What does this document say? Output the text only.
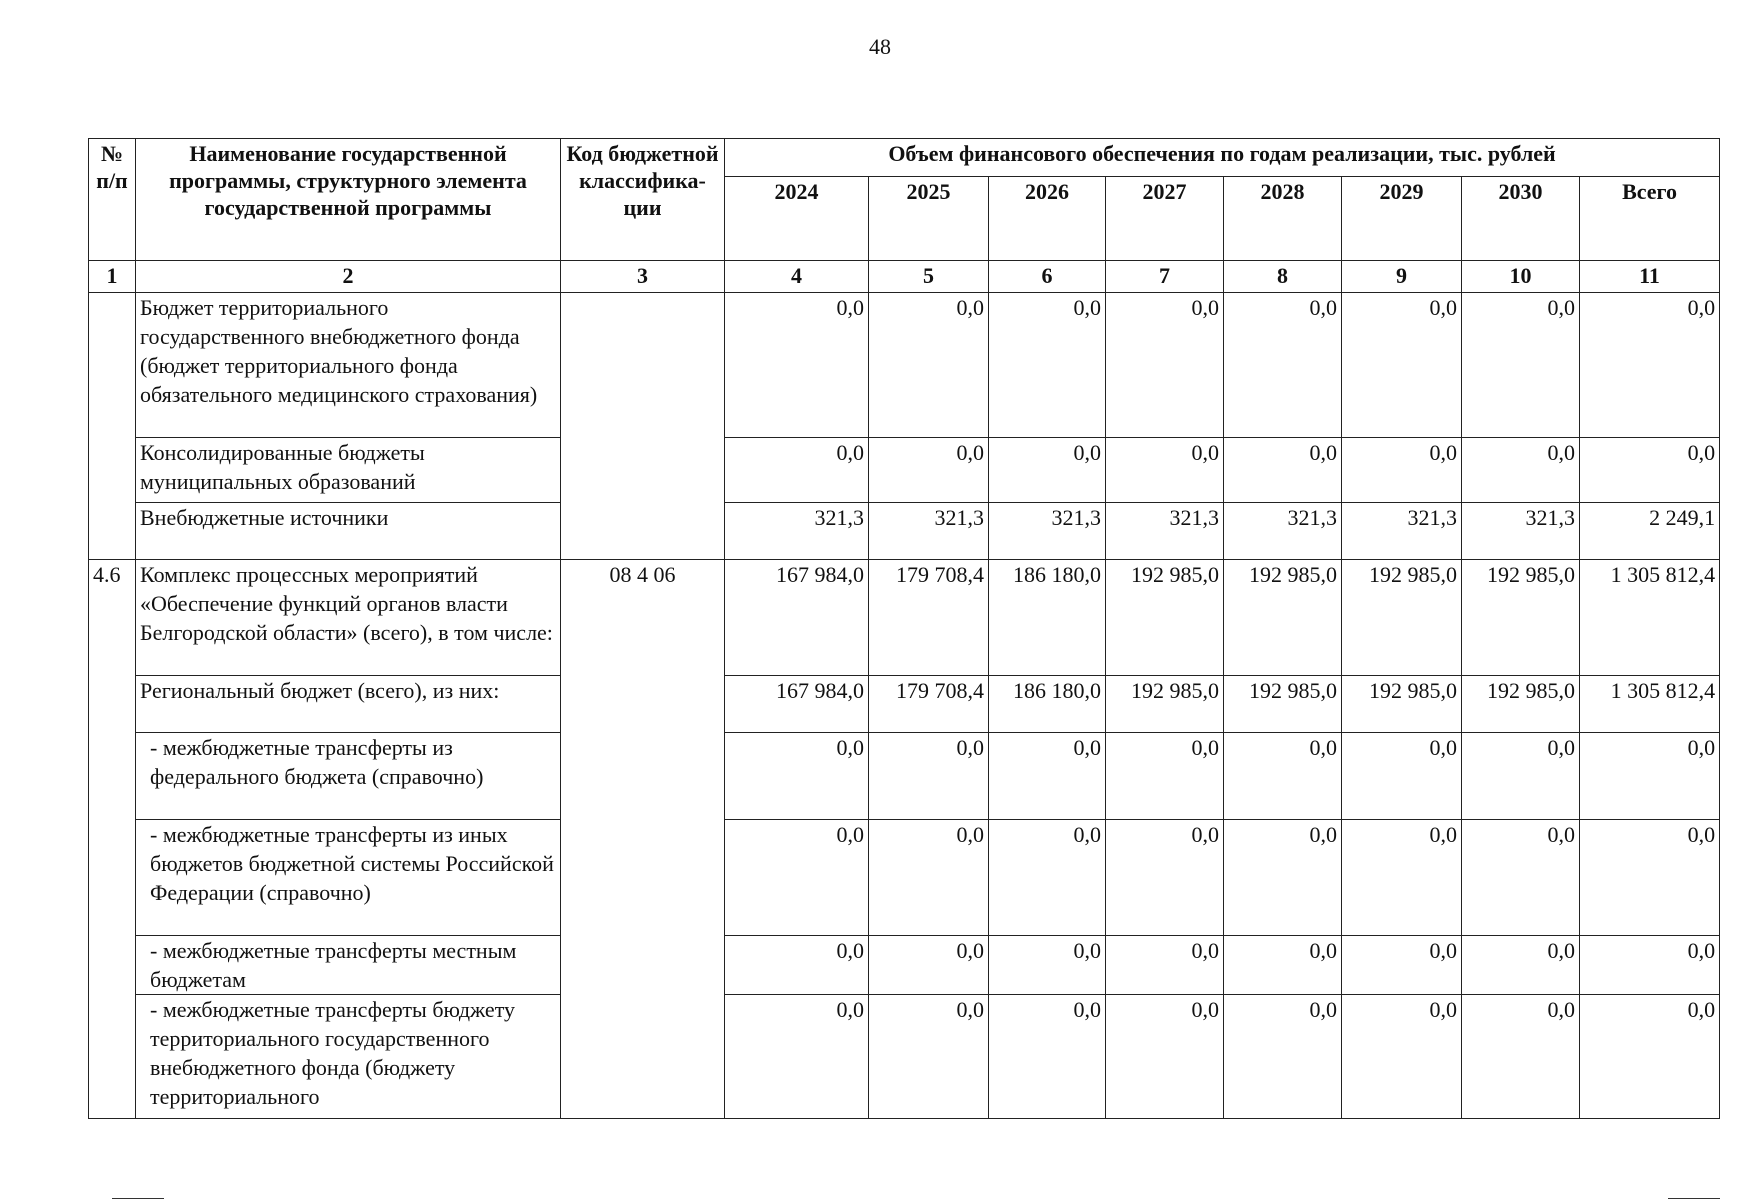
48
№ п/п	Наименование государственной программы, структурного элемента государственной программы	Код бюджетной классифика-ции	Объем финансового обеспечения по годам реализации, тыс. рублей							
			2024	2025	2026	2027	2028	2029	2030	Всего
1	2	3	4	5	6	7	8	9	10	11
	Бюджет территориального государственного внебюджетного фонда (бюджет территориального фонда обязательного медицинского страхования)		0,0	0,0	0,0	0,0	0,0	0,0	0,0	0,0
	Консолидированные бюджеты муниципальных образований		0,0	0,0	0,0	0,0	0,0	0,0	0,0	0,0
	Внебюджетные источники		321,3	321,3	321,3	321,3	321,3	321,3	321,3	2 249,1
4.6	Комплекс процессных мероприятий «Обеспечение функций органов власти Белгородской области» (всего), в том числе:	08 4 06	167 984,0	179 708,4	186 180,0	192 985,0	192 985,0	192 985,0	192 985,0	1 305 812,4
	Региональный бюджет (всего), из них:		167 984,0	179 708,4	186 180,0	192 985,0	192 985,0	192 985,0	192 985,0	1 305 812,4
	- межбюджетные трансферты из федерального бюджета (справочно)		0,0	0,0	0,0	0,0	0,0	0,0	0,0	0,0
	- межбюджетные трансферты из иных бюджетов бюджетной системы Российской Федерации (справочно)		0,0	0,0	0,0	0,0	0,0	0,0	0,0	0,0
	- межбюджетные трансферты местным бюджетам		0,0	0,0	0,0	0,0	0,0	0,0	0,0	0,0
	- межбюджетные трансферты бюджету территориального государственного внебюджетного фонда (бюджету территориального		0,0	0,0	0,0	0,0	0,0	0,0	0,0	0,0
